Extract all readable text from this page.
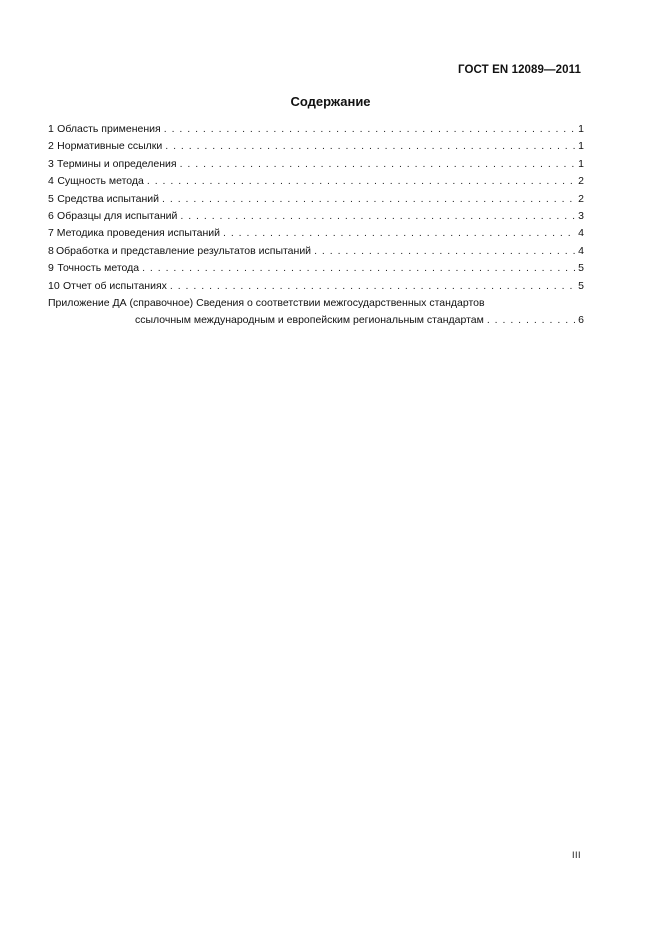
ГОСТ EN 12089—2011
Содержание
1 Область применения . . .	1
2 Нормативные ссылки . . .	1
3 Термины и определения . . .	1
4 Сущность метода . . .	2
5 Средства испытаний . . .	2
6 Образцы для испытаний . . .	3
7 Методика проведения испытаний . . .	4
8 Обработка и представление результатов испытаний . . .	4
9 Точность метода . . .	5
10 Отчет об испытаниях . . .	5
Приложение ДА (справочное) Сведения о соответствии межгосударственных стандартов
ссылочным международным и европейским региональным стандартам . . .	6
III
